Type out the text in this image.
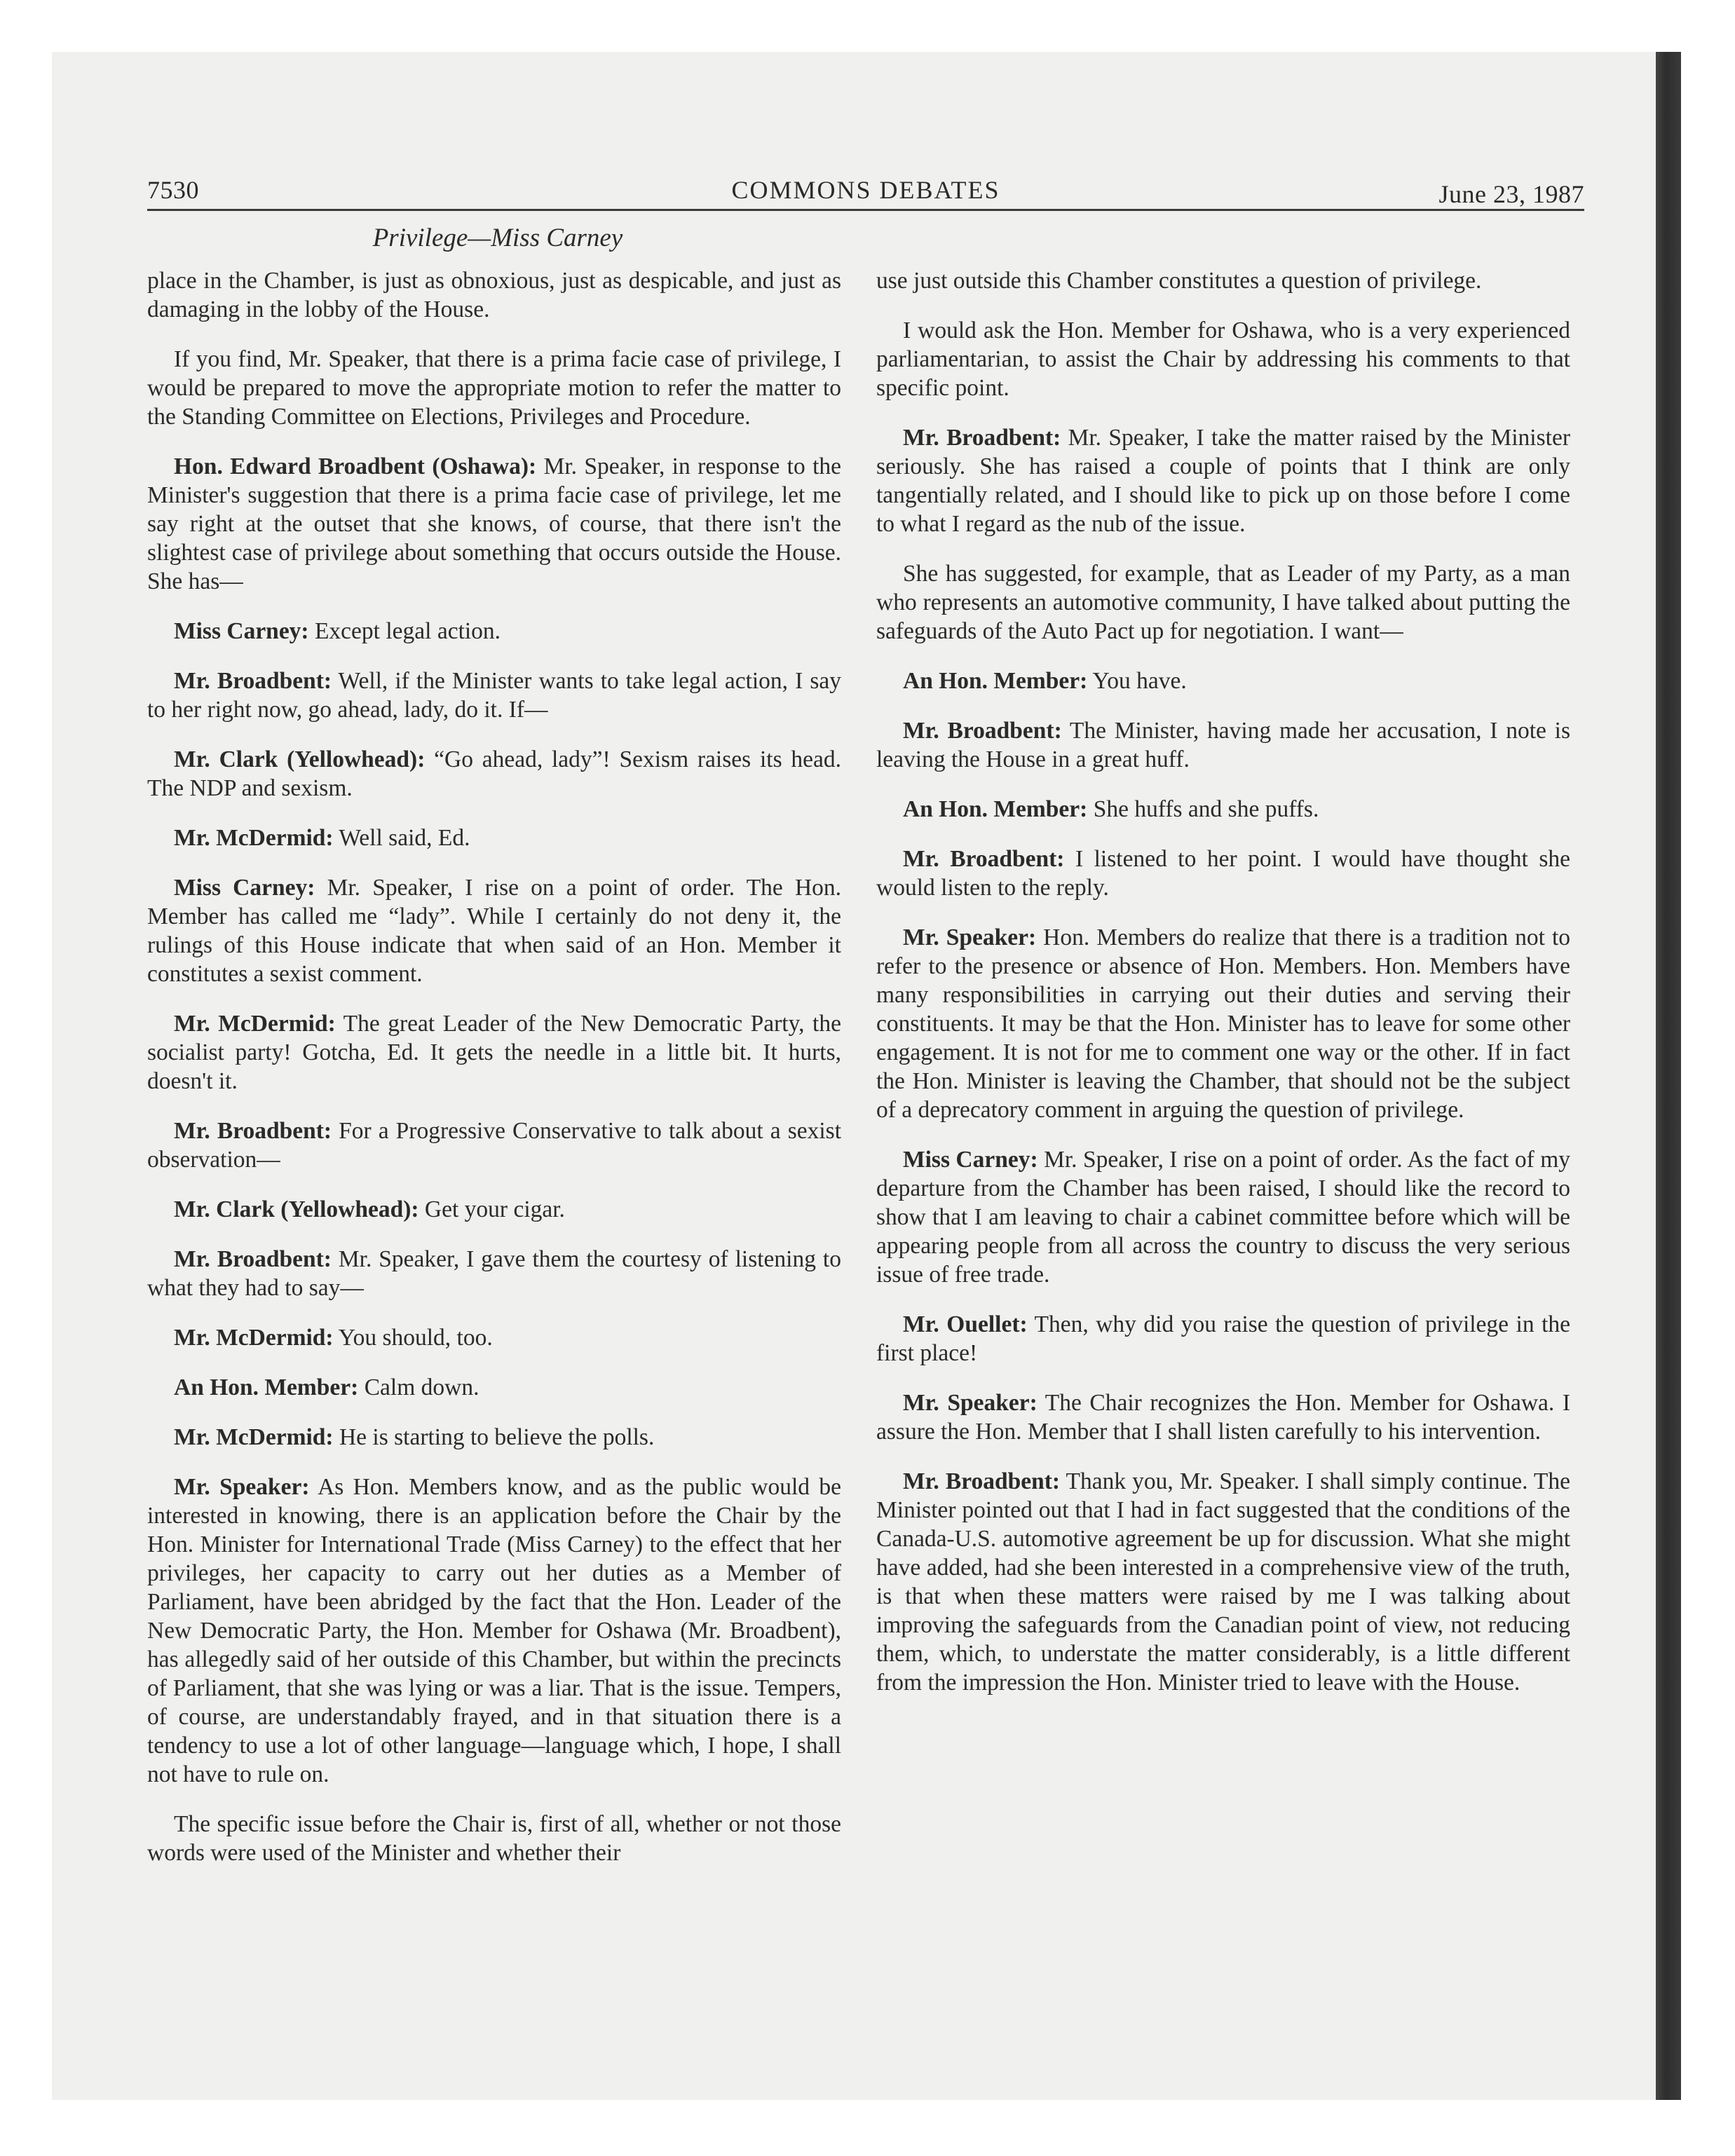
7530	COMMONS DEBATES	June 23, 1987
Privilege—Miss Carney

place in the Chamber, is just as obnoxious, just as despicable, and just as damaging in the lobby of the House.

If you find, Mr. Speaker, that there is a prima facie case of privilege, I would be prepared to move the appropriate motion to refer the matter to the Standing Committee on Elections, Privileges and Procedure.

Hon. Edward Broadbent (Oshawa): Mr. Speaker, in response to the Minister's suggestion that there is a prima facie case of privilege, let me say right at the outset that she knows, of course, that there isn't the slightest case of privilege about something that occurs outside the House. She has—

Miss Carney: Except legal action.

Mr. Broadbent: Well, if the Minister wants to take legal action, I say to her right now, go ahead, lady, do it. If—

Mr. Clark (Yellowhead): “Go ahead, lady”! Sexism raises its head. The NDP and sexism.

Mr. McDermid: Well said, Ed.

Miss Carney: Mr. Speaker, I rise on a point of order. The Hon. Member has called me “lady”. While I certainly do not deny it, the rulings of this House indicate that when said of an Hon. Member it constitutes a sexist comment.

Mr. McDermid: The great Leader of the New Democratic Party, the socialist party! Gotcha, Ed. It gets the needle in a little bit. It hurts, doesn't it.

Mr. Broadbent: For a Progressive Conservative to talk about a sexist observation—

Mr. Clark (Yellowhead): Get your cigar.

Mr. Broadbent: Mr. Speaker, I gave them the courtesy of listening to what they had to say—

Mr. McDermid: You should, too.

An Hon. Member: Calm down.

Mr. McDermid: He is starting to believe the polls.

Mr. Speaker: As Hon. Members know, and as the public would be interested in knowing, there is an application before the Chair by the Hon. Minister for International Trade (Miss Carney) to the effect that her privileges, her capacity to carry out her duties as a Member of Parliament, have been abridged by the fact that the Hon. Leader of the New Democratic Party, the Hon. Member for Oshawa (Mr. Broadbent), has allegedly said of her outside of this Chamber, but within the precincts of Parliament, that she was lying or was a liar. That is the issue. Tempers, of course, are understandably frayed, and in that situation there is a tendency to use a lot of other language—language which, I hope, I shall not have to rule on.

The specific issue before the Chair is, first of all, whether or not those words were used of the Minister and whether their

use just outside this Chamber constitutes a question of privilege.

I would ask the Hon. Member for Oshawa, who is a very experienced parliamentarian, to assist the Chair by addressing his comments to that specific point.

Mr. Broadbent: Mr. Speaker, I take the matter raised by the Minister seriously. She has raised a couple of points that I think are only tangentially related, and I should like to pick up on those before I come to what I regard as the nub of the issue.

She has suggested, for example, that as Leader of my Party, as a man who represents an automotive community, I have talked about putting the safeguards of the Auto Pact up for negotiation. I want—

An Hon. Member: You have.

Mr. Broadbent: The Minister, having made her accusation, I note is leaving the House in a great huff.

An Hon. Member: She huffs and she puffs.

Mr. Broadbent: I listened to her point. I would have thought she would listen to the reply.

Mr. Speaker: Hon. Members do realize that there is a tradition not to refer to the presence or absence of Hon. Members. Hon. Members have many responsibilities in carrying out their duties and serving their constituents. It may be that the Hon. Minister has to leave for some other engagement. It is not for me to comment one way or the other. If in fact the Hon. Minister is leaving the Chamber, that should not be the subject of a deprecatory comment in arguing the question of privilege.

Miss Carney: Mr. Speaker, I rise on a point of order. As the fact of my departure from the Chamber has been raised, I should like the record to show that I am leaving to chair a cabinet committee before which will be appearing people from all across the country to discuss the very serious issue of free trade.

Mr. Ouellet: Then, why did you raise the question of privilege in the first place!

Mr. Speaker: The Chair recognizes the Hon. Member for Oshawa. I assure the Hon. Member that I shall listen carefully to his intervention.

Mr. Broadbent: Thank you, Mr. Speaker. I shall simply continue. The Minister pointed out that I had in fact suggested that the conditions of the Canada-U.S. automotive agreement be up for discussion. What she might have added, had she been interested in a comprehensive view of the truth, is that when these matters were raised by me I was talking about improving the safeguards from the Canadian point of view, not reducing them, which, to understate the matter considerably, is a little different from the impression the Hon. Minister tried to leave with the House.
